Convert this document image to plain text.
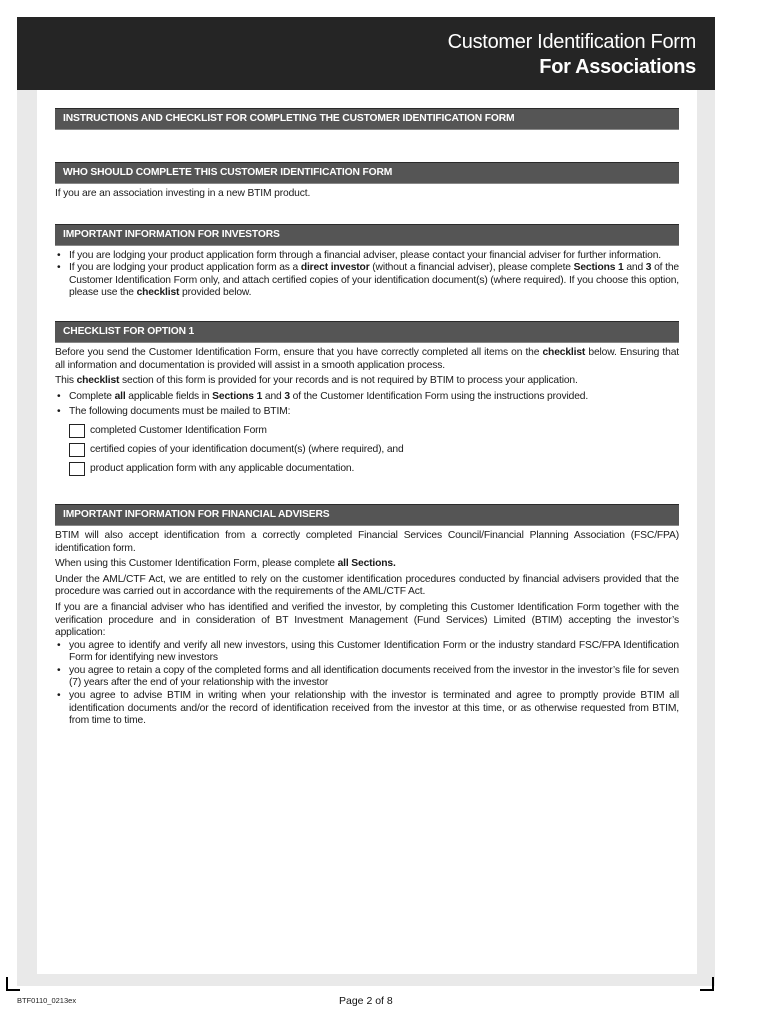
Customer Identification Form
For Associations
INSTRUCTIONS AND CHECKLIST FOR COMPLETING THE CUSTOMER IDENTIFICATION FORM
WHO SHOULD COMPLETE THIS CUSTOMER IDENTIFICATION FORM

If you are an association investing in a new BTIM product.

IMPORTANT INFORMATION FOR INVESTORS
• If you are lodging your product application form through a financial adviser, please contact your financial adviser for further information.
• If you are lodging your product application form as a direct investor (without a financial adviser), please complete Sections 1 and 3 of the Customer Identification Form only, and attach certified copies of your identification document(s) (where required). If you choose this option, please use the checklist provided below.
CHECKLIST FOR OPTION 1

Before you send the Customer Identification Form, ensure that you have correctly completed all items on the checklist below. Ensuring that all information and documentation is provided will assist in a smooth application process.

This checklist section of this form is provided for your records and is not required by BTIM to process your application.

• Complete all applicable fields in Sections 1 and 3 of the Customer Identification Form using the instructions provided.
• The following documents must be mailed to BTIM:
completed Customer Identification Form
certified copies of your identification document(s) (where required), and
product application form with any applicable documentation.
IMPORTANT INFORMATION FOR FINANCIAL ADVISERS

BTIM will also accept identification from a correctly completed Financial Services Council/Financial Planning Association (FSC/FPA) identification form.

When using this Customer Identification Form, please complete all Sections.

Under the AML/CTF Act, we are entitled to rely on the customer identification procedures conducted by financial advisers provided that the procedure was carried out in accordance with the requirements of the AML/CTF Act.

If you are a financial adviser who has identified and verified the investor, by completing this Customer Identification Form together with the verification procedure and in consideration of BT Investment Management (Fund Services) Limited (BTIM) accepting the investor’s application:

• you agree to identify and verify all new investors, using this Customer Identification Form or the industry standard FSC/FPA Identification Form for identifying new investors
• you agree to retain a copy of the completed forms and all identification documents received from the investor in the investor’s file for seven (7) years after the end of your relationship with the investor
• you agree to advise BTIM in writing when your relationship with the investor is terminated and agree to promptly provide BTIM all identification documents and/or the record of identification received from the investor at this time, or as otherwise requested from BTIM, from time to time.
BTF0110_0213ex	Page 2 of 8
